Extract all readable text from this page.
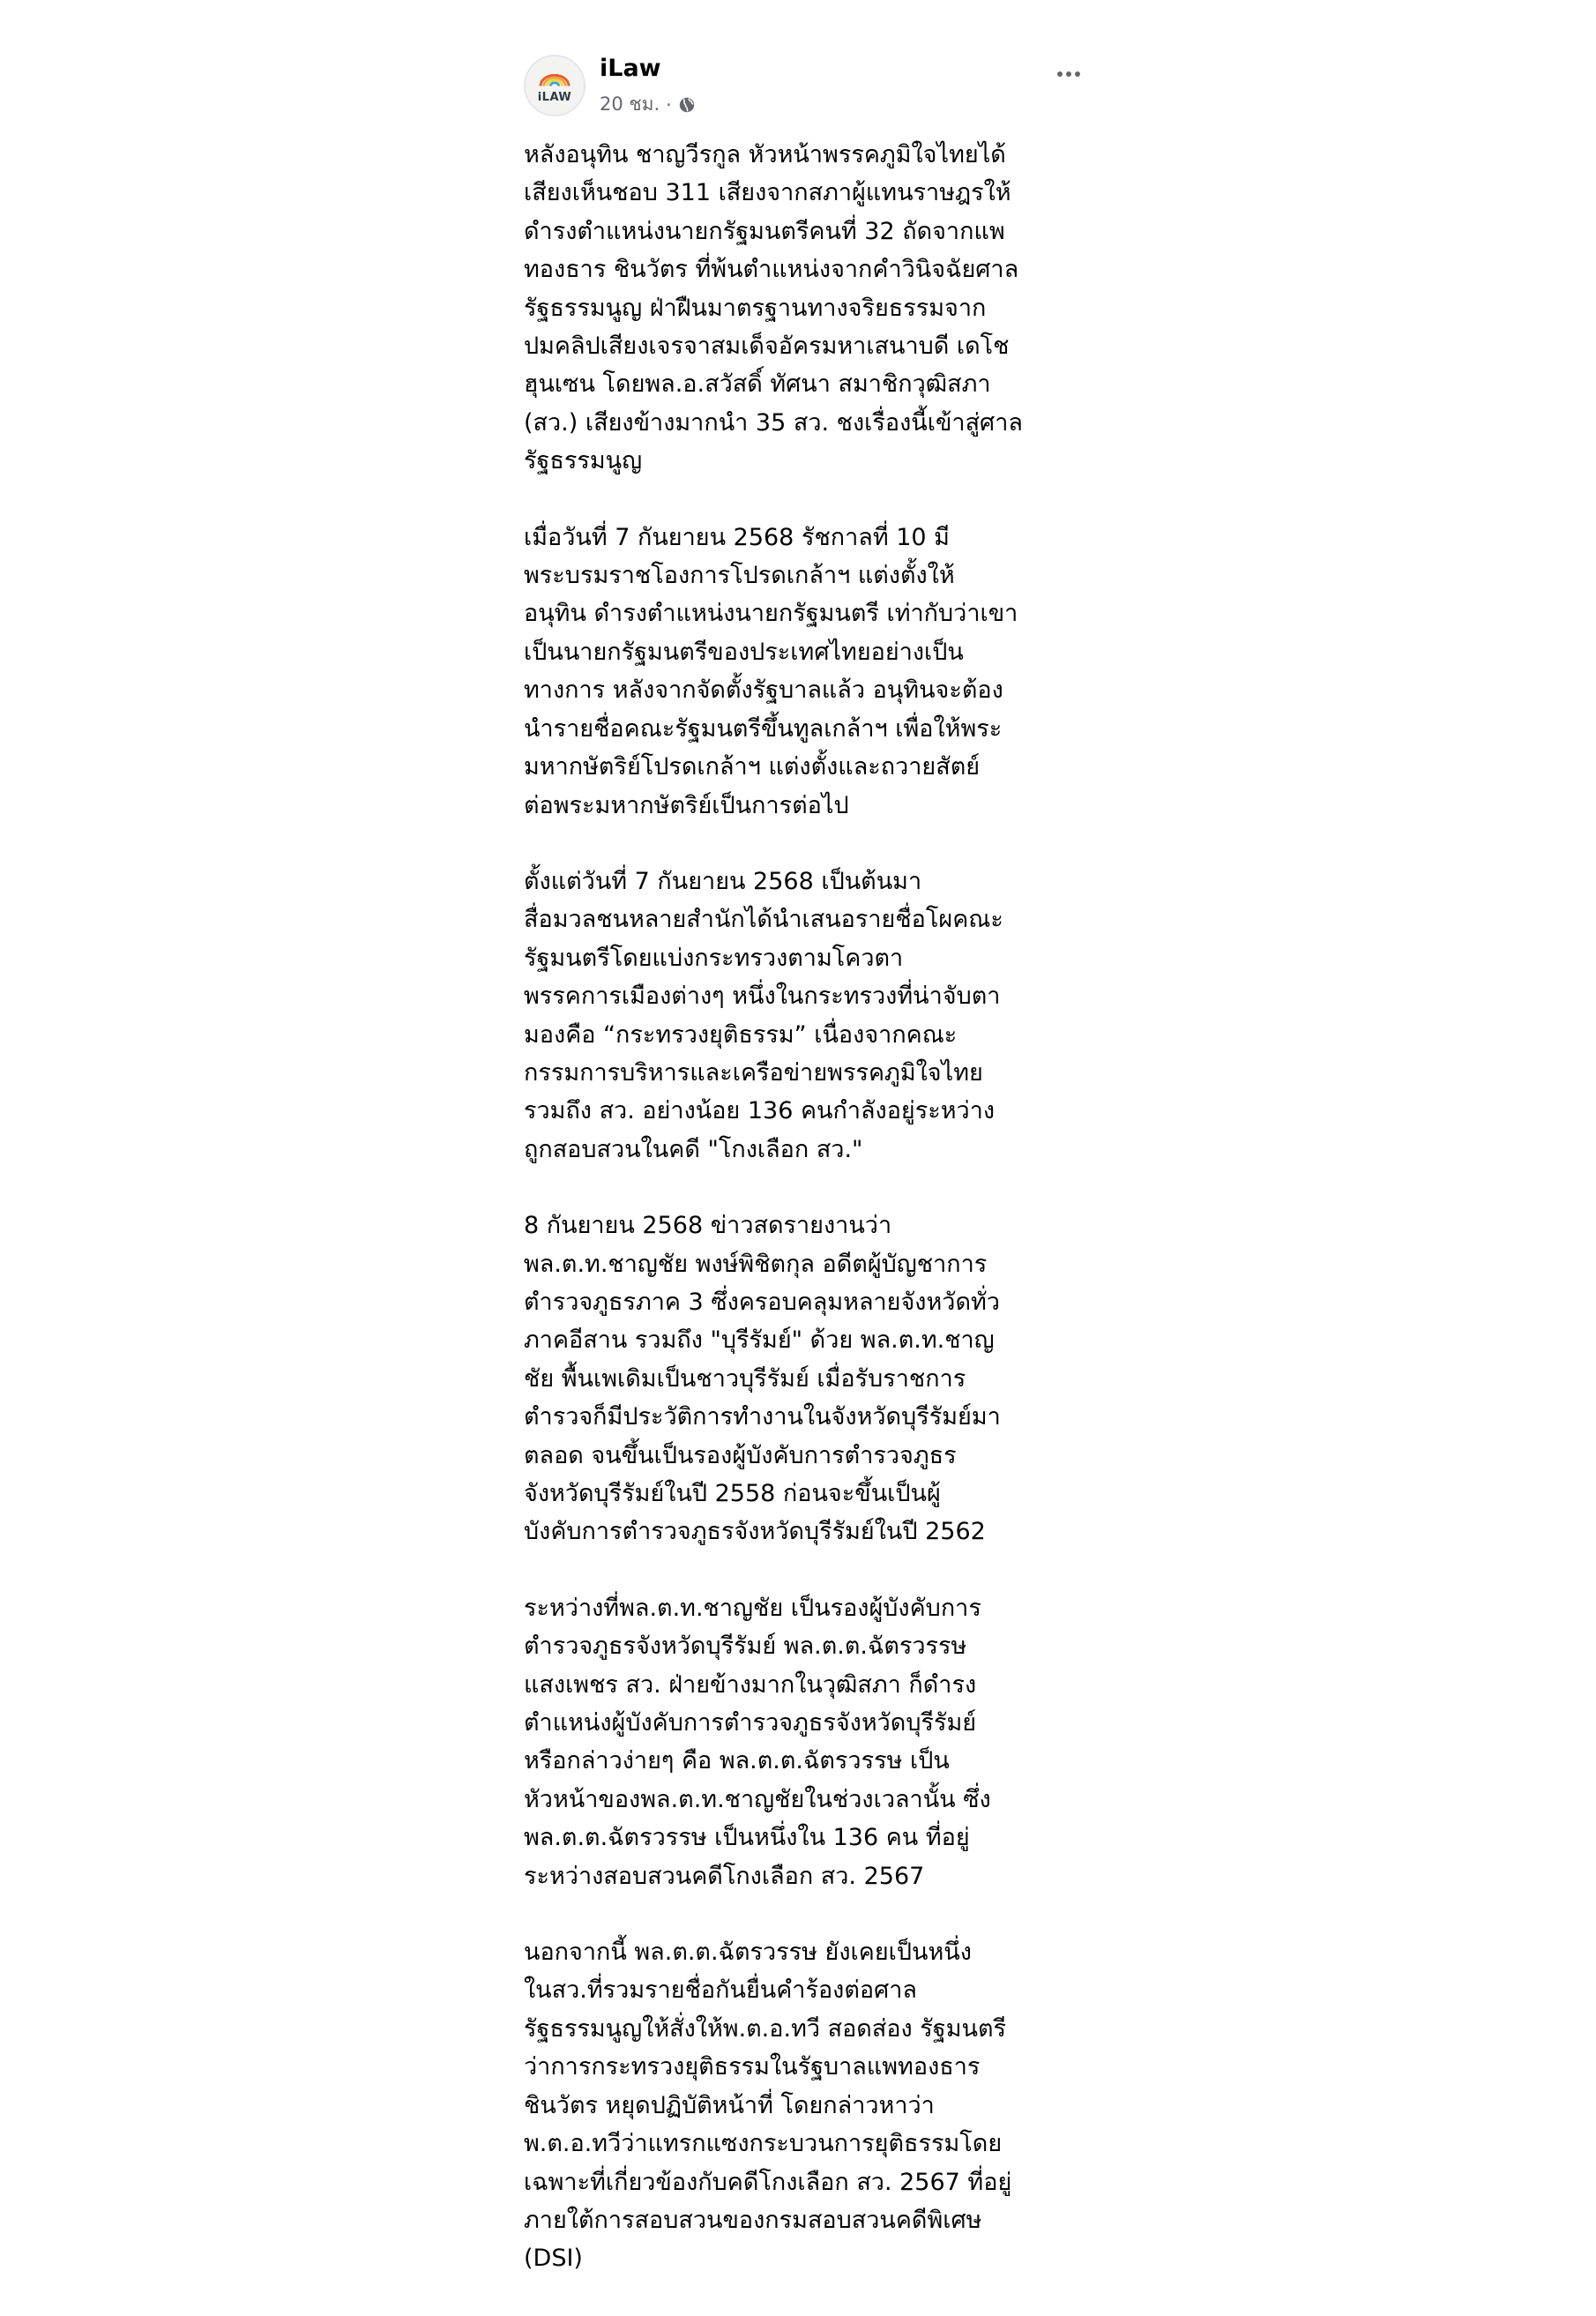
iLAW
iLaw
20 ชม. ·

หลังอนุทิน ชาญวีรกูล หัวหน้าพรรคภูมิใจไทยได้
เสียงเห็นชอบ 311 เสียงจากสภาผู้แทนราษฎรให้
ดำรงตำแหน่งนายกรัฐมนตรีคนที่ 32 ถัดจากแพ
ทองธาร ชินวัตร ที่พ้นตำแหน่งจากคำวินิจฉัยศาล
รัฐธรรมนูญ ฝ่าฝืนมาตรฐานทางจริยธรรมจาก
ปมคลิปเสียงเจรจาสมเด็จอัครมหาเสนาบดี เดโช
ฮุนเซน โดยพล.อ.สวัสดิ์ ทัศนา สมาชิกวุฒิสภา
(สว.) เสียงข้างมากนำ 35 สว. ชงเรื่องนี้เข้าสู่ศาล
รัฐธรรมนูญ

เมื่อวันที่ 7 กันยายน 2568 รัชกาลที่ 10 มี
พระบรมราชโองการโปรดเกล้าฯ แต่งตั้งให้
อนุทิน ดำรงตำแหน่งนายกรัฐมนตรี เท่ากับว่าเขา
เป็นนายกรัฐมนตรีของประเทศไทยอย่างเป็น
ทางการ หลังจากจัดตั้งรัฐบาลแล้ว อนุทินจะต้อง
นำรายชื่อคณะรัฐมนตรีขึ้นทูลเกล้าฯ เพื่อให้พระ
มหากษัตริย์โปรดเกล้าฯ แต่งตั้งและถวายสัตย์
ต่อพระมหากษัตริย์เป็นการต่อไป

ตั้งแต่วันที่ 7 กันยายน 2568 เป็นต้นมา
สื่อมวลชนหลายสำนักได้นำเสนอรายชื่อโผคณะ
รัฐมนตรีโดยแบ่งกระทรวงตามโควตา
พรรคการเมืองต่างๆ หนึ่งในกระทรวงที่น่าจับตา
มองคือ “กระทรวงยุติธรรม” เนื่องจากคณะ
กรรมการบริหารและเครือข่ายพรรคภูมิใจไทย
รวมถึง สว. อย่างน้อย 136 คนกำลังอยู่ระหว่าง
ถูกสอบสวนในคดี "โกงเลือก สว."

8 กันยายน 2568 ข่าวสดรายงานว่า
พล.ต.ท.ชาญชัย พงษ์พิชิตกุล อดีตผู้บัญชาการ
ตำรวจภูธรภาค 3 ซึ่งครอบคลุมหลายจังหวัดทั่ว
ภาคอีสาน รวมถึง "บุรีรัมย์" ด้วย พล.ต.ท.ชาญ
ชัย พื้นเพเดิมเป็นชาวบุรีรัมย์ เมื่อรับราชการ
ตำรวจก็มีประวัติการทำงานในจังหวัดบุรีรัมย์มา
ตลอด จนขึ้นเป็นรองผู้บังคับการตำรวจภูธร
จังหวัดบุรีรัมย์ในปี 2558 ก่อนจะขึ้นเป็นผู้
บังคับการตำรวจภูธรจังหวัดบุรีรัมย์ในปี 2562

ระหว่างที่พล.ต.ท.ชาญชัย เป็นรองผู้บังคับการ
ตำรวจภูธรจังหวัดบุรีรัมย์ พล.ต.ต.ฉัตรวรรษ
แสงเพชร สว. ฝ่ายข้างมากในวุฒิสภา ก็ดำรง
ตำแหน่งผู้บังคับการตำรวจภูธรจังหวัดบุรีรัมย์
หรือกล่าวง่ายๆ คือ พล.ต.ต.ฉัตรวรรษ เป็น
หัวหน้าของพล.ต.ท.ชาญชัยในช่วงเวลานั้น ซึ่ง
พล.ต.ต.ฉัตรวรรษ เป็นหนึ่งใน 136 คน ที่อยู่
ระหว่างสอบสวนคดีโกงเลือก สว. 2567

นอกจากนี้ พล.ต.ต.ฉัตรวรรษ ยังเคยเป็นหนึ่ง
ในสว.ที่รวมรายชื่อกันยื่นคำร้องต่อศาล
รัฐธรรมนูญให้สั่งให้พ.ต.อ.ทวี สอดส่อง รัฐมนตรี
ว่าการกระทรวงยุติธรรมในรัฐบาลแพทองธาร
ชินวัตร หยุดปฏิบัติหน้าที่ โดยกล่าวหาว่า
พ.ต.อ.ทวีว่าแทรกแซงกระบวนการยุติธรรมโดย
เฉพาะที่เกี่ยวข้องกับคดีโกงเลือก สว. 2567 ที่อยู่
ภายใต้การสอบสวนของกรมสอบสวนคดีพิเศษ
(DSI)
